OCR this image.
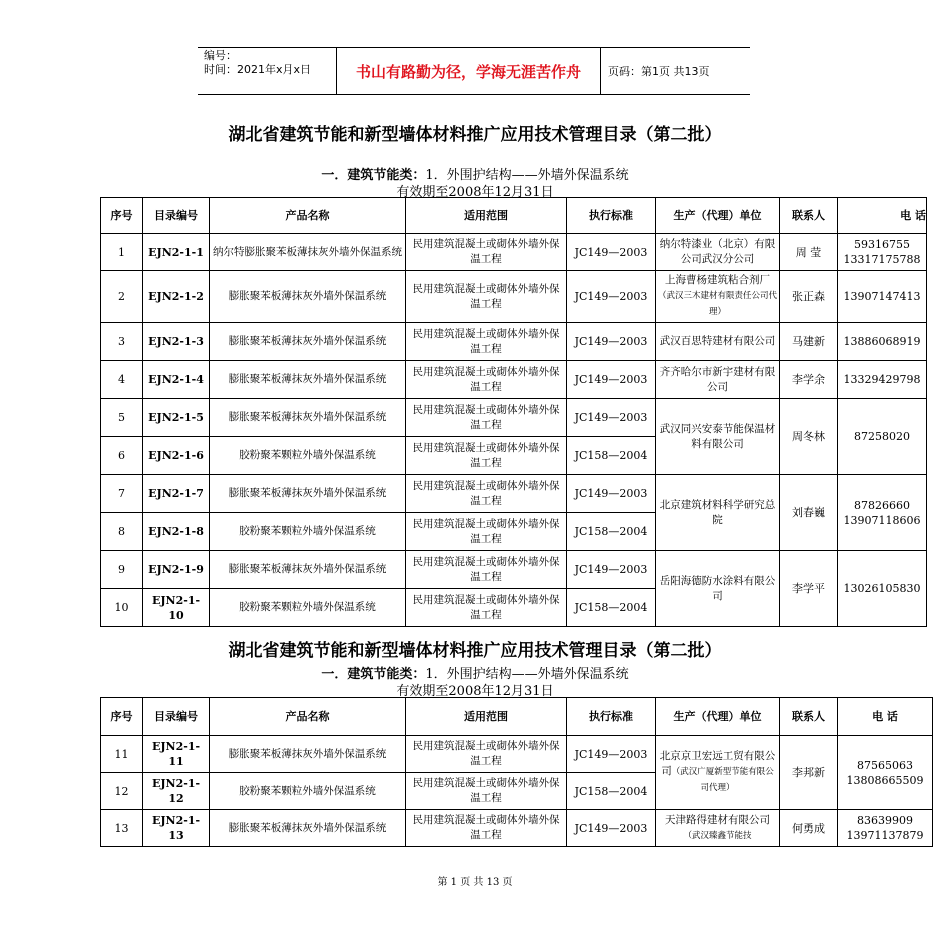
编号：
时间：2021年x月x日	书山有路勤为径，学海无涯苦作舟	页码：第1页 共13页
湖北省建筑节能和新型墙体材料推广应用技术管理目录（第二批）
一．建筑节能类：1．外围护结构——外墙外保温系统
有效期至2008年12月31日
序号	目录编号	产品名称	适用范围	执行标准	生产（代理）单位	联系人	电 话
1	EJN2-1-1	纳尔特膨胀聚苯板薄抹灰外墙外保温系统	民用建筑混凝土或砌体外墙外保温工程	JC149—2003	纳尔特漆业（北京）有限公司武汉分公司	周 莹	59316755 13317175788
2	EJN2-1-2	膨胀聚苯板薄抹灰外墙外保温系统	民用建筑混凝土或砌体外墙外保温工程	JC149—2003	上海曹杨建筑粘合剂厂（武汉三木建材有限责任公司代理）	张正森	13907147413
3	EJN2-1-3	膨胀聚苯板薄抹灰外墙外保温系统	民用建筑混凝土或砌体外墙外保温工程	JC149—2003	武汉百思特建材有限公司	马建新	13886068919
4	EJN2-1-4	膨胀聚苯板薄抹灰外墙外保温系统	民用建筑混凝土或砌体外墙外保温工程	JC149—2003	齐齐哈尔市新宇建材有限公司	李学余	13329429798
5	EJN2-1-5	膨胀聚苯板薄抹灰外墙外保温系统	民用建筑混凝土或砌体外墙外保温工程	JC149—2003	武汉同兴安泰节能保温材料有限公司	周冬林	87258020
6	EJN2-1-6	胶粉聚苯颗粒外墙外保温系统	民用建筑混凝土或砌体外墙外保温工程	JC158—2004			
7	EJN2-1-7	膨胀聚苯板薄抹灰外墙外保温系统	民用建筑混凝土或砌体外墙外保温工程	JC149—2003	北京建筑材料科学研究总院	刘春巍	87826660 13907118606
8	EJN2-1-8	胶粉聚苯颗粒外墙外保温系统	民用建筑混凝土或砌体外墙外保温工程	JC158—2004			
9	EJN2-1-9	膨胀聚苯板薄抹灰外墙外保温系统	民用建筑混凝土或砌体外墙外保温工程	JC149—2003	岳阳海德防水涂料有限公司	李学平	13026105830
10	EJN2-1-10	胶粉聚苯颗粒外墙外保温系统	民用建筑混凝土或砌体外墙外保温工程	JC158—2004			
湖北省建筑节能和新型墙体材料推广应用技术管理目录（第二批）
一．建筑节能类：1．外围护结构——外墙外保温系统
有效期至2008年12月31日
序号	目录编号	产品名称	适用范围	执行标准	生产（代理）单位	联系人	电 话
11	EJN2-1-11	膨胀聚苯板薄抹灰外墙外保温系统	民用建筑混凝土或砌体外墙外保温工程	JC149—2003	北京京卫宏远工贸有限公司（武汉广厦新型节能有限公司代理）	李邦新	87565063 13808665509
12	EJN2-1-12	胶粉聚苯颗粒外墙外保温系统	民用建筑混凝土或砌体外墙外保温工程	JC158—2004			
13	EJN2-1-13	膨胀聚苯板薄抹灰外墙外保温系统	民用建筑混凝土或砌体外墙外保温工程	JC149—2003	天津路得建材有限公司（武汉臻鑫节能技	何勇成	83639909 13971137879
第 1 页 共 13 页
